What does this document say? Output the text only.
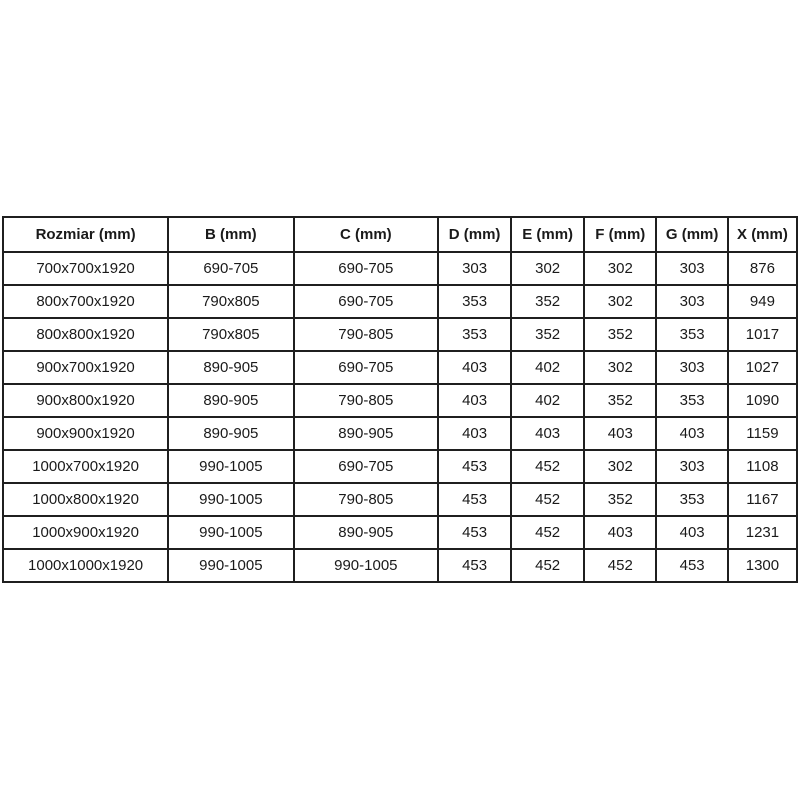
Rozmiar (mm)	B (mm)	C (mm)	D (mm)	E (mm)	F (mm)	G (mm)	X (mm)
700x700x1920	690-705	690-705	303	302	302	303	876
800x700x1920	790x805	690-705	353	352	302	303	949
800x800x1920	790x805	790-805	353	352	352	353	1017
900x700x1920	890-905	690-705	403	402	302	303	1027
900x800x1920	890-905	790-805	403	402	352	353	1090
900x900x1920	890-905	890-905	403	403	403	403	1159
1000x700x1920	990-1005	690-705	453	452	302	303	1108
1000x800x1920	990-1005	790-805	453	452	352	353	1167
1000x900x1920	990-1005	890-905	453	452	403	403	1231
1000x1000x1920	990-1005	990-1005	453	452	452	453	1300
